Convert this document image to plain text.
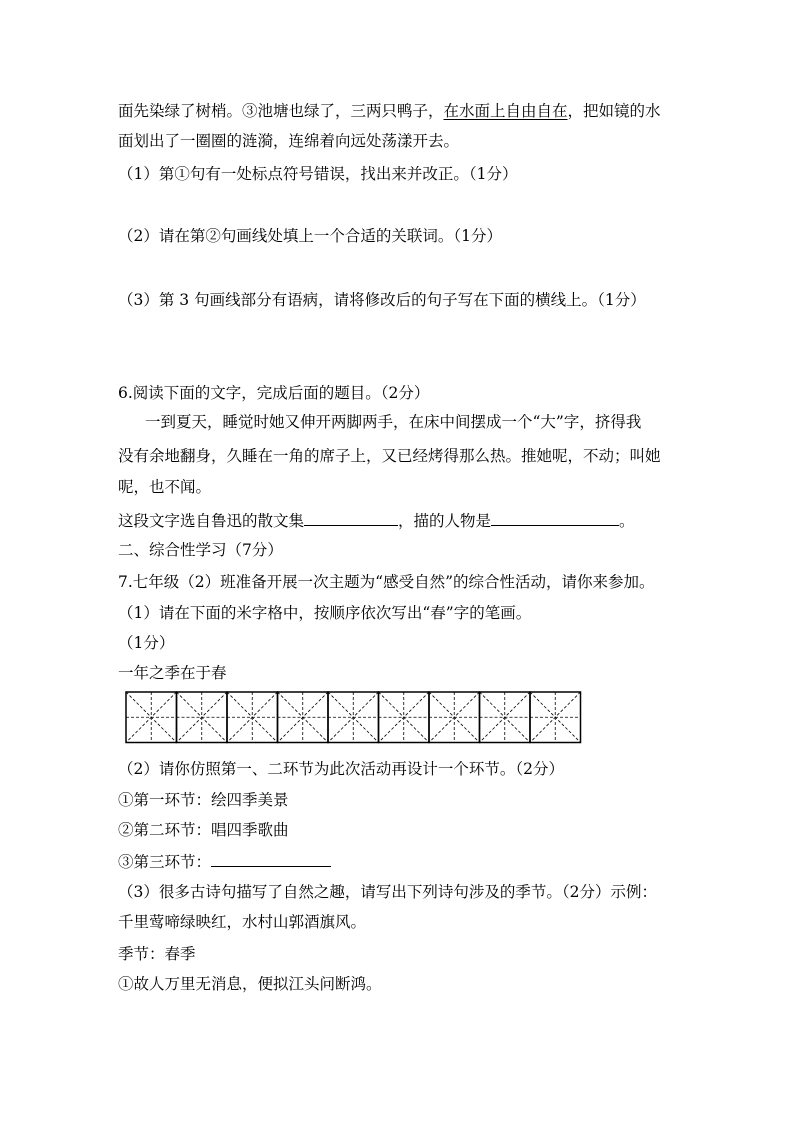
面先染绿了树梢。③池塘也绿了，三两只鸭子，在水面上自由自在，把如镜的水
面划出了一圈圈的涟漪，连绵着向远处荡漾开去。
（1）第①句有一处标点符号错误，找出来并改正。（1分）
（2）请在第②句画线处填上一个合适的关联词。（1分）
（3）第 3 句画线部分有语病，请将修改后的句子写在下面的横线上。（1分）
6.阅读下面的文字，完成后面的题目。（2分）
一到夏天，睡觉时她又伸开两脚两手，在床中间摆成一个“大”字，挤得我
没有余地翻身，久睡在一角的席子上，又已经烤得那么热。推她呢，不动；叫她
呢，也不闻。
这段文字选自鲁迅的散文集	，描的人物是	。
二、综合性学习（7分）
7.七年级（2）班准备开展一次主题为“感受自然”的综合性活动，请你来参加。
（1）请在下面的米字格中，按顺序依次写出“春”字的笔画。
（1分）
一年之季在于春
（2）请你仿照第一、二环节为此次活动再设计一个环节。（2分）
①第一环节：绘四季美景
②第二环节：唱四季歌曲
③第三环节：
（3）很多古诗句描写了自然之趣，请写出下列诗句涉及的季节。（2分）示例：
千里莺啼绿映红，水村山郭酒旗风。
季节：春季
①故人万里无消息，便拟江头问断鸿。
